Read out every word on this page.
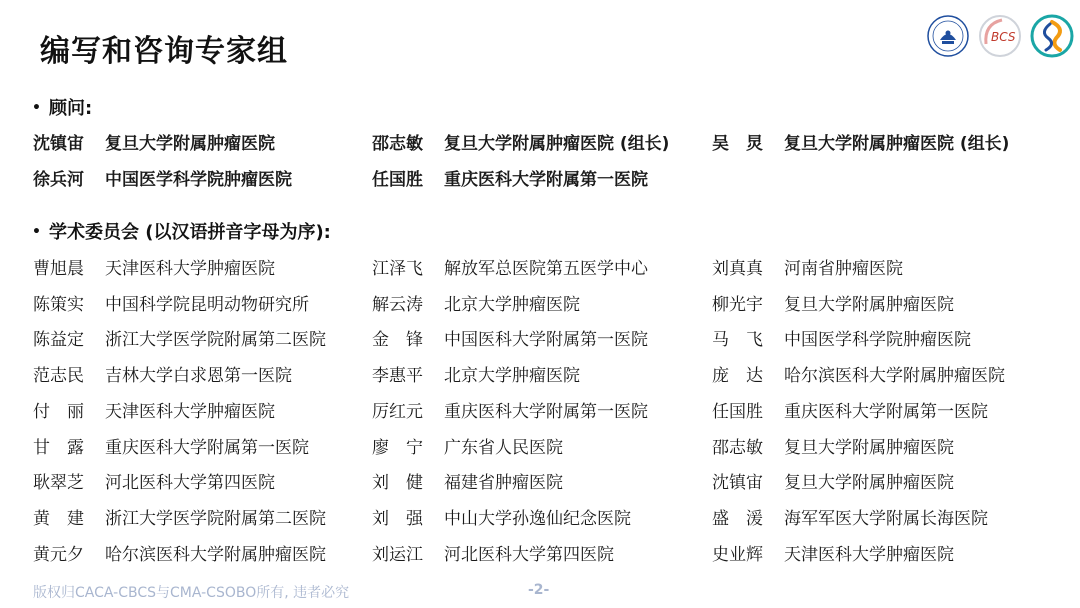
编写和咨询专家组	BCS
• 顾问:
沈镇宙	复旦大学附属肿瘤医院	邵志敏	复旦大学附属肿瘤医院 (组长)	吴　炅	复旦大学附属肿瘤医院 (组长)
徐兵河	中国医学科学院肿瘤医院	任国胜	重庆医科大学附属第一医院
• 学术委员会 (以汉语拼音字母为序):
曹旭晨	天津医科大学肿瘤医院	江泽飞	解放军总医院第五医学中心	刘真真	河南省肿瘤医院
陈策实	中国科学院昆明动物研究所	解云涛	北京大学肿瘤医院	柳光宇	复旦大学附属肿瘤医院
陈益定	浙江大学医学院附属第二医院	金　锋	中国医科大学附属第一医院	马　飞	中国医学科学院肿瘤医院
范志民	吉林大学白求恩第一医院	李惠平	北京大学肿瘤医院	庞　达	哈尔滨医科大学附属肿瘤医院
付　丽	天津医科大学肿瘤医院	厉红元	重庆医科大学附属第一医院	任国胜	重庆医科大学附属第一医院
甘　露	重庆医科大学附属第一医院	廖　宁	广东省人民医院	邵志敏	复旦大学附属肿瘤医院
耿翠芝	河北医科大学第四医院	刘　健	福建省肿瘤医院	沈镇宙	复旦大学附属肿瘤医院
黄　建	浙江大学医学院附属第二医院	刘　强	中山大学孙逸仙纪念医院	盛　湲	海军军医大学附属长海医院
黄元夕	哈尔滨医科大学附属肿瘤医院	刘运江	河北医科大学第四医院	史业辉	天津医科大学肿瘤医院
版权归CACA-CBCS与CMA-CSOBO所有, 违者必究	-2-
